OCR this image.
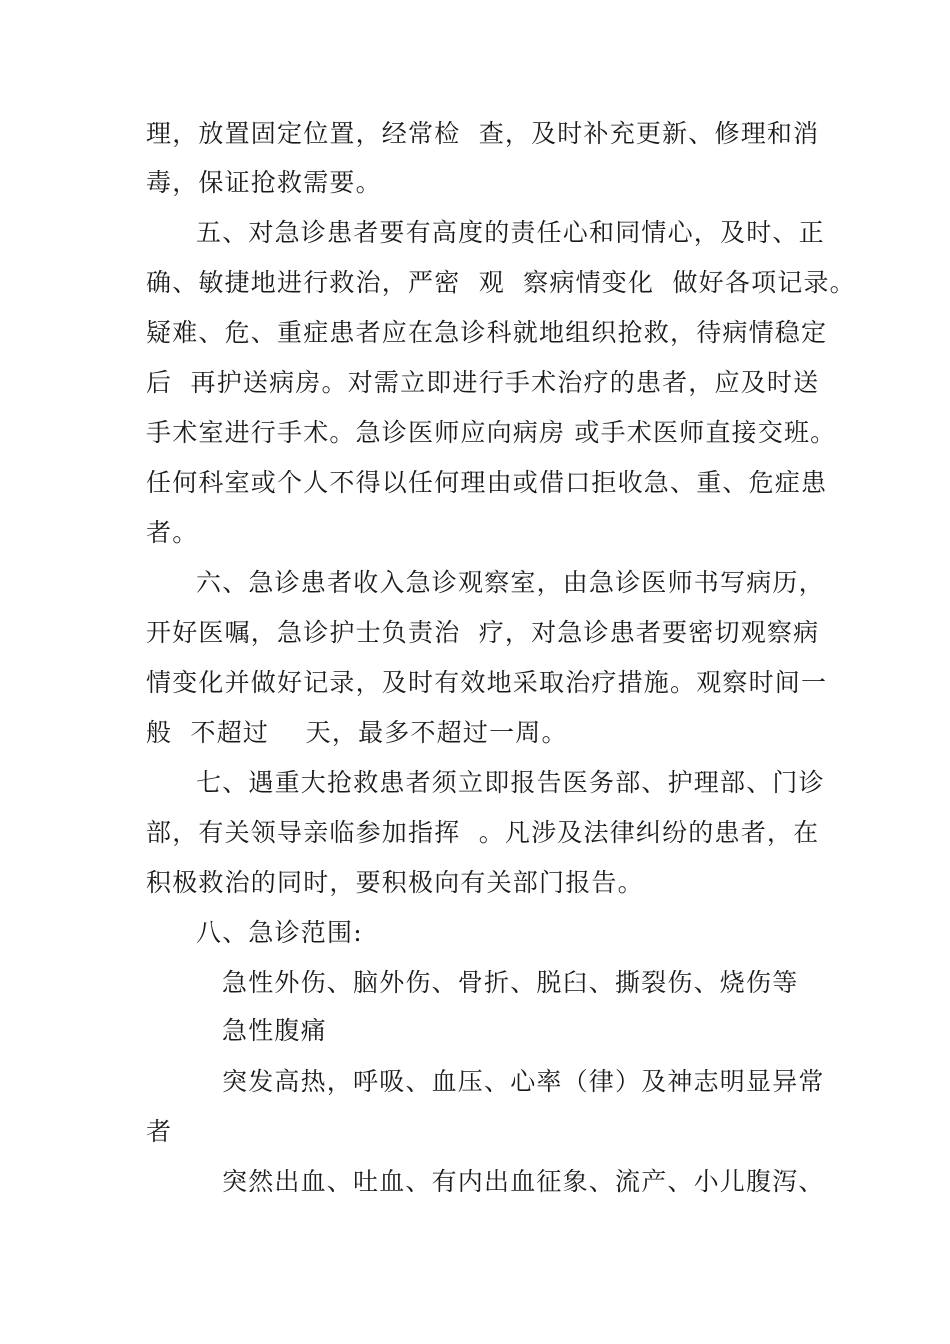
理，放置固定位置，经常检  查，及时补充更新、修理和消
毒，保证抢救需要。
五、对急诊患者要有高度的责任心和同情心，及时、正
确、敏捷地进行救治，严密  观  察病情变化  做好各项记录。
疑难、危、重症患者应在急诊科就地组织抢救，待病情稳定
后  再护送病房。对需立即进行手术治疗的患者，应及时送
手术室进行手术。急诊医师应向病房 或手术医师直接交班。
任何科室或个人不得以任何理由或借口拒收急、重、危症患
者。
六、急诊患者收入急诊观察室，由急诊医师书写病历，
开好医嘱，急诊护士负责治  疗，对急诊患者要密切观察病
情变化并做好记录，及时有效地采取治疗措施。观察时间一
般  不超过    天，最多不超过一周。
七、遇重大抢救患者须立即报告医务部、护理部、门诊
部，有关领导亲临参加指挥  。凡涉及法律纠纷的患者，在
积极救治的同时，要积极向有关部门报告。
八、急诊范围:
急性外伤、脑外伤、骨折、脱臼、撕裂伤、烧伤等
急性腹痛
突发高热，呼吸、血压、心率（律）及神志明显异常
者
突然出血、吐血、有内出血征象、流产、小儿腹泻、
